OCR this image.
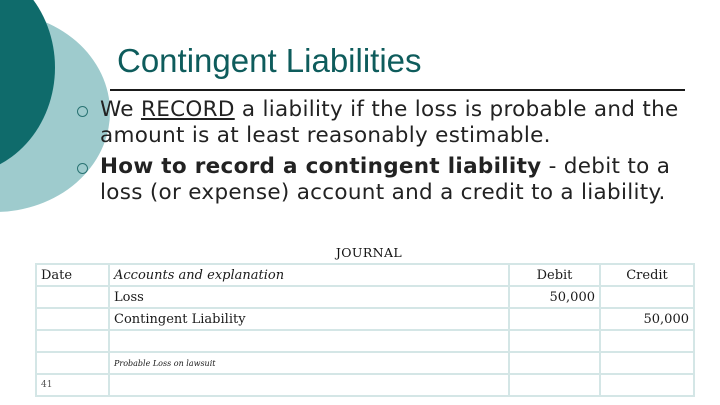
Contingent Liabilities
We RECORD a liability if the loss is probable and the amount is at least reasonably estimable.
How to record a contingent liability - debit to a loss (or expense) account and a credit to a liability.
JOURNAL
Date	Accounts and explanation	Debit	Credit
	Loss	50,000	
	Contingent Liability		50,000

	Probable Loss on lawsuit		
41			
